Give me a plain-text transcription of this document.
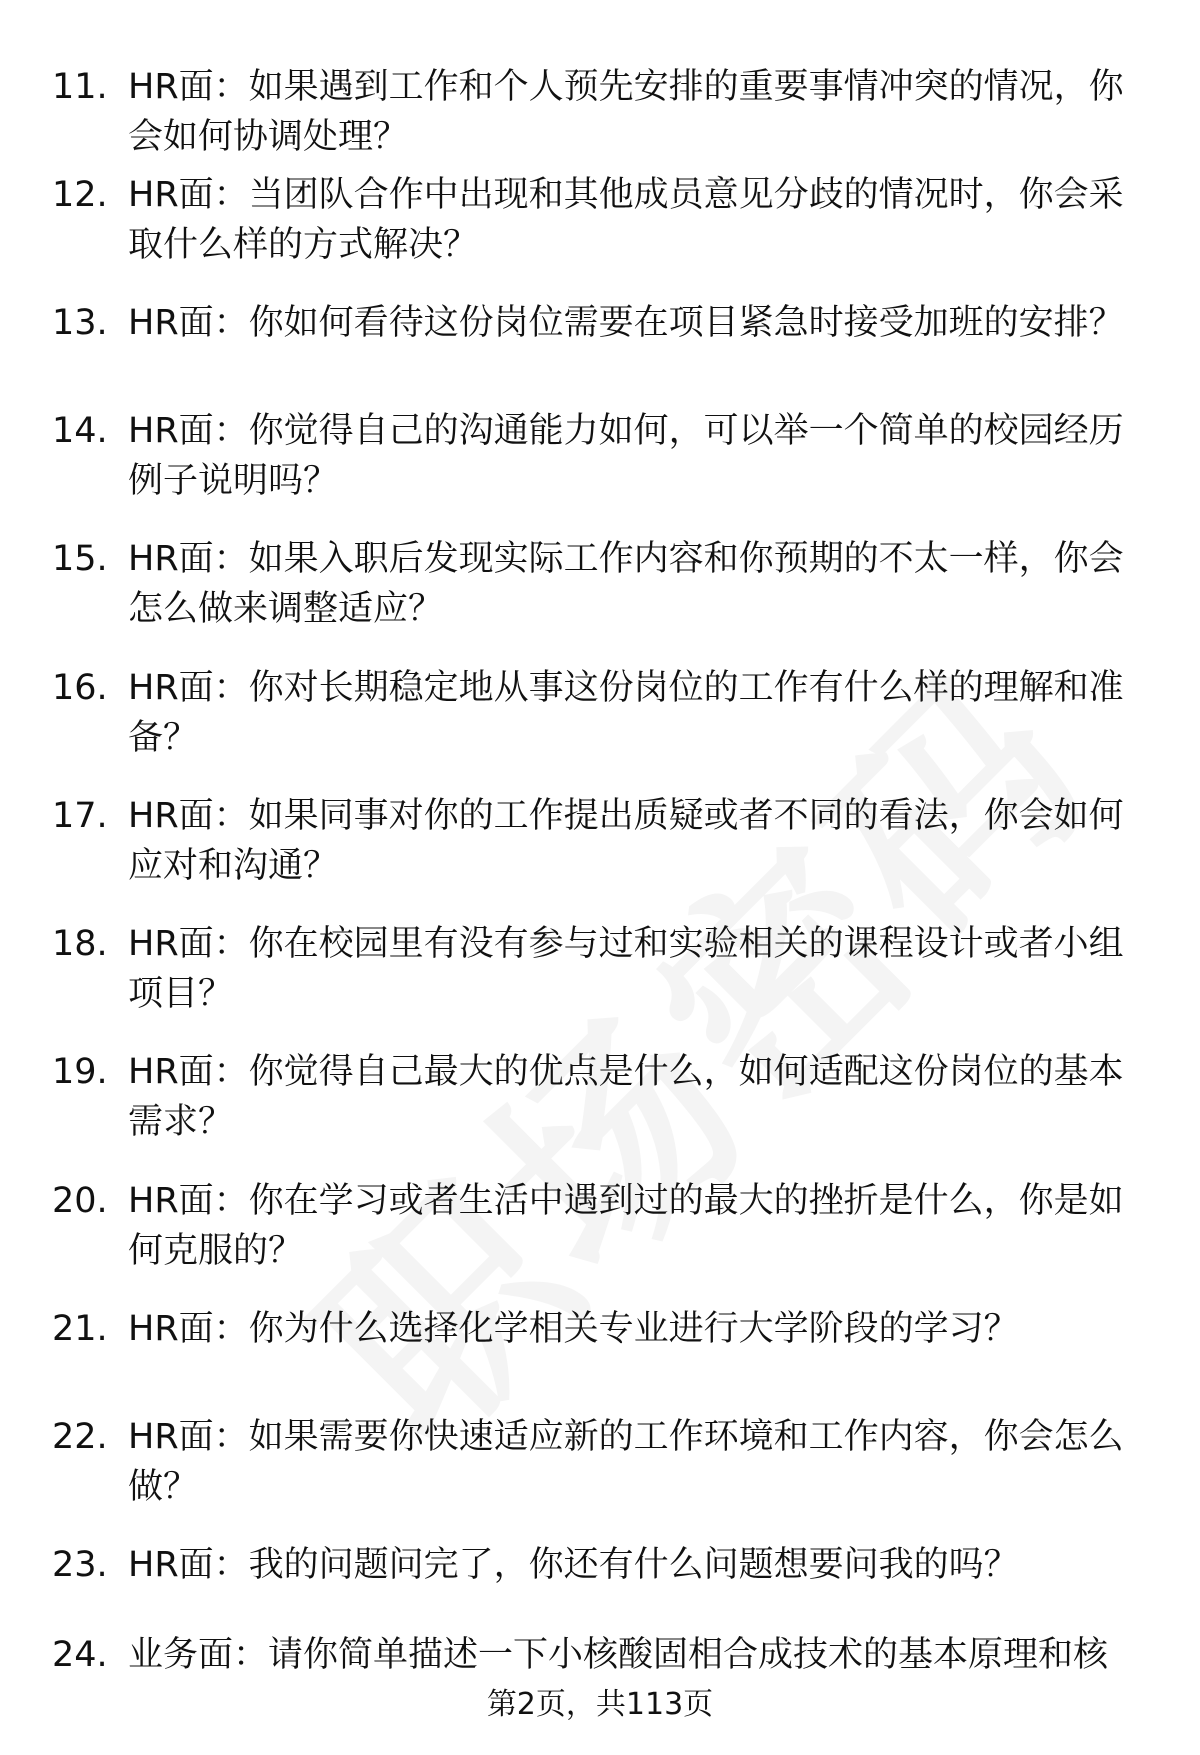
11. HR面：如果遇到工作和个人预先安排的重要事情冲突的情况，你会如何协调处理？
12. HR面：当团队合作中出现和其他成员意见分歧的情况时，你会采取什么样的方式解决？
13. HR面：你如何看待这份岗位需要在项目紧急时接受加班的安排？
14. HR面：你觉得自己的沟通能力如何，可以举一个简单的校园经历例子说明吗？
15. HR面：如果入职后发现实际工作内容和你预期的不太一样，你会怎么做来调整适应？
16. HR面：你对长期稳定地从事这份岗位的工作有什么样的理解和准备？
17. HR面：如果同事对你的工作提出质疑或者不同的看法，你会如何应对和沟通？
18. HR面：你在校园里有没有参与过和实验相关的课程设计或者小组项目？
19. HR面：你觉得自己最大的优点是什么，如何适配这份岗位的基本需求？
20. HR面：你在学习或者生活中遇到过的最大的挫折是什么，你是如何克服的？
21. HR面：你为什么选择化学相关专业进行大学阶段的学习？
22. HR面：如果需要你快速适应新的工作环境和工作内容，你会怎么做？
23. HR面：我的问题问完了，你还有什么问题想要问我的吗？
24. 业务面：请你简单描述一下小核酸固相合成技术的基本原理和核
第2页，共113页
